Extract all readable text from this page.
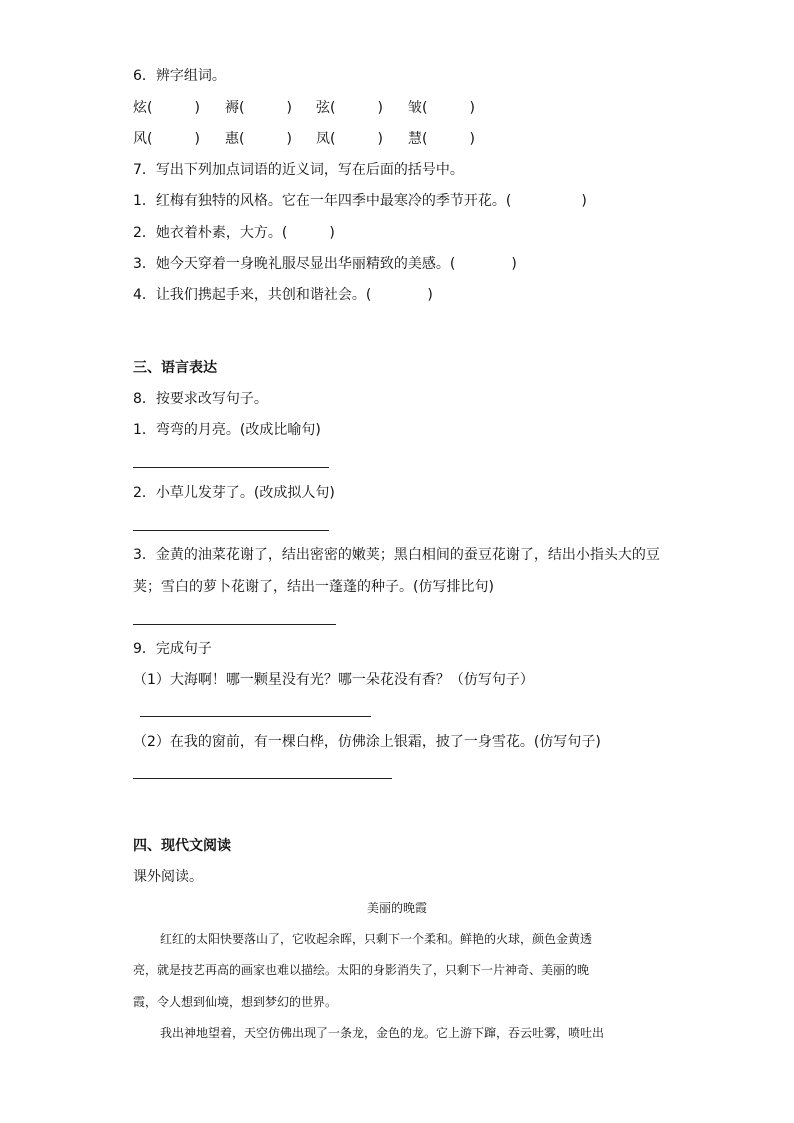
6．辨字组词。
炫(　　　) 褥(　　　) 弦(　　　) 皱(　　　)
风(　　　) 惠(　　　) 凤(　　　) 慧(　　　)
7．写出下列加点词语的近义词，写在后面的括号中。
1．红梅有独特的风格。它在一年四季中最寒冷的季节开花。(　　　　　)
2．她衣着朴素，大方。(　　　)
3．她今天穿着一身晚礼服尽显出华丽精致的美感。(　　　　)
4．让我们携起手来，共创和谐社会。(　　　　)
三、语言表达
8．按要求改写句子。
1．弯弯的月亮。(改成比喻句)
2．小草儿发芽了。(改成拟人句)
3．金黄的油菜花谢了，结出密密的嫩荚；黑白相间的蚕豆花谢了，结出小指头大的豆
荚；雪白的萝卜花谢了，结出一蓬蓬的种子。(仿写排比句)
9．完成句子
（1）大海啊！哪一颗星没有光？哪一朵花没有香？（仿写句子）
（2）在我的窗前，有一棵白桦，仿佛涂上银霜，披了一身雪花。(仿写句子)
四、现代文阅读
课外阅读。
美丽的晚霞
红红的太阳快要落山了，它收起余晖，只剩下一个柔和。鲜艳的火球，颜色金黄透
亮，就是技艺再高的画家也难以描绘。太阳的身影消失了，只剩下一片神奇、美丽的晚
霞，令人想到仙境，想到梦幻的世界。
我出神地望着，天空仿佛出现了一条龙，金色的龙。它上游下蹿，吞云吐雾，喷吐出
